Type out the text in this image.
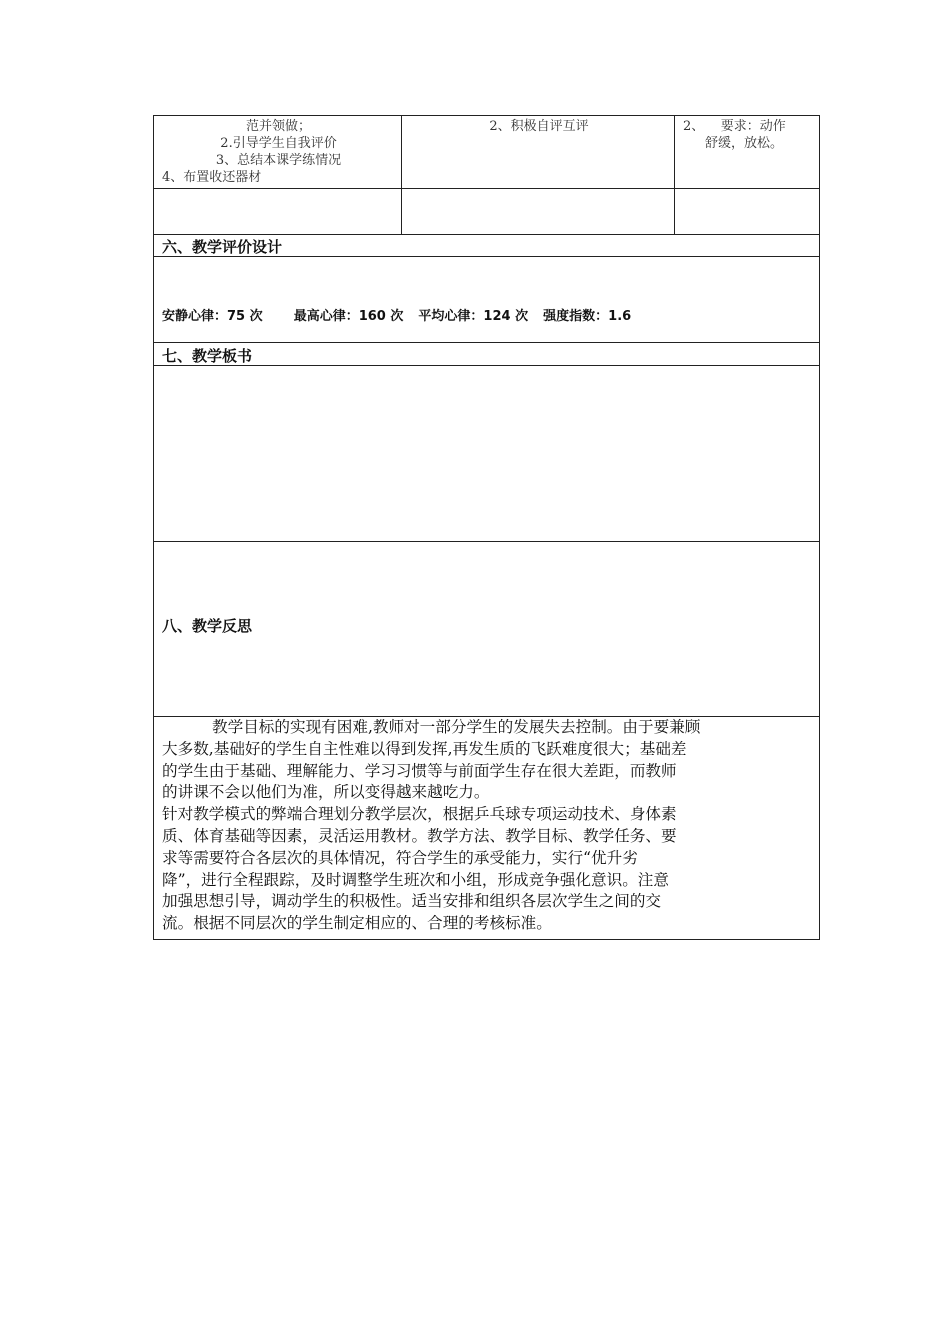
范并领做；
2.引导学生自我评价
3、总结本课学练情况
4、布置收还器材
2、积极自评互评	2、    要求：动作
舒缓，放松。
六、教学评价设计
安静心律：75 次 最高心律：160 次 平均心律：124 次 强度指数：1.6
七、教学板书
八、教学反思
教学目标的实现有困难,教师对一部分学生的发展失去控制。由于要兼顾
大多数,基础好的学生自主性难以得到发挥,再发生质的飞跃难度很大；基础差
的学生由于基础、理解能力、学习习惯等与前面学生存在很大差距，而教师
的讲课不会以他们为准，所以变得越来越吃力。
针对教学模式的弊端合理划分教学层次，根据乒乓球专项运动技术、身体素
质、体育基础等因素，灵活运用教材。教学方法、教学目标、教学任务、要
求等需要符合各层次的具体情况，符合学生的承受能力，实行“优升劣
降”，进行全程跟踪，及时调整学生班次和小组，形成竞争强化意识。注意
加强思想引导，调动学生的积极性。适当安排和组织各层次学生之间的交
流。根据不同层次的学生制定相应的、合理的考核标准。
